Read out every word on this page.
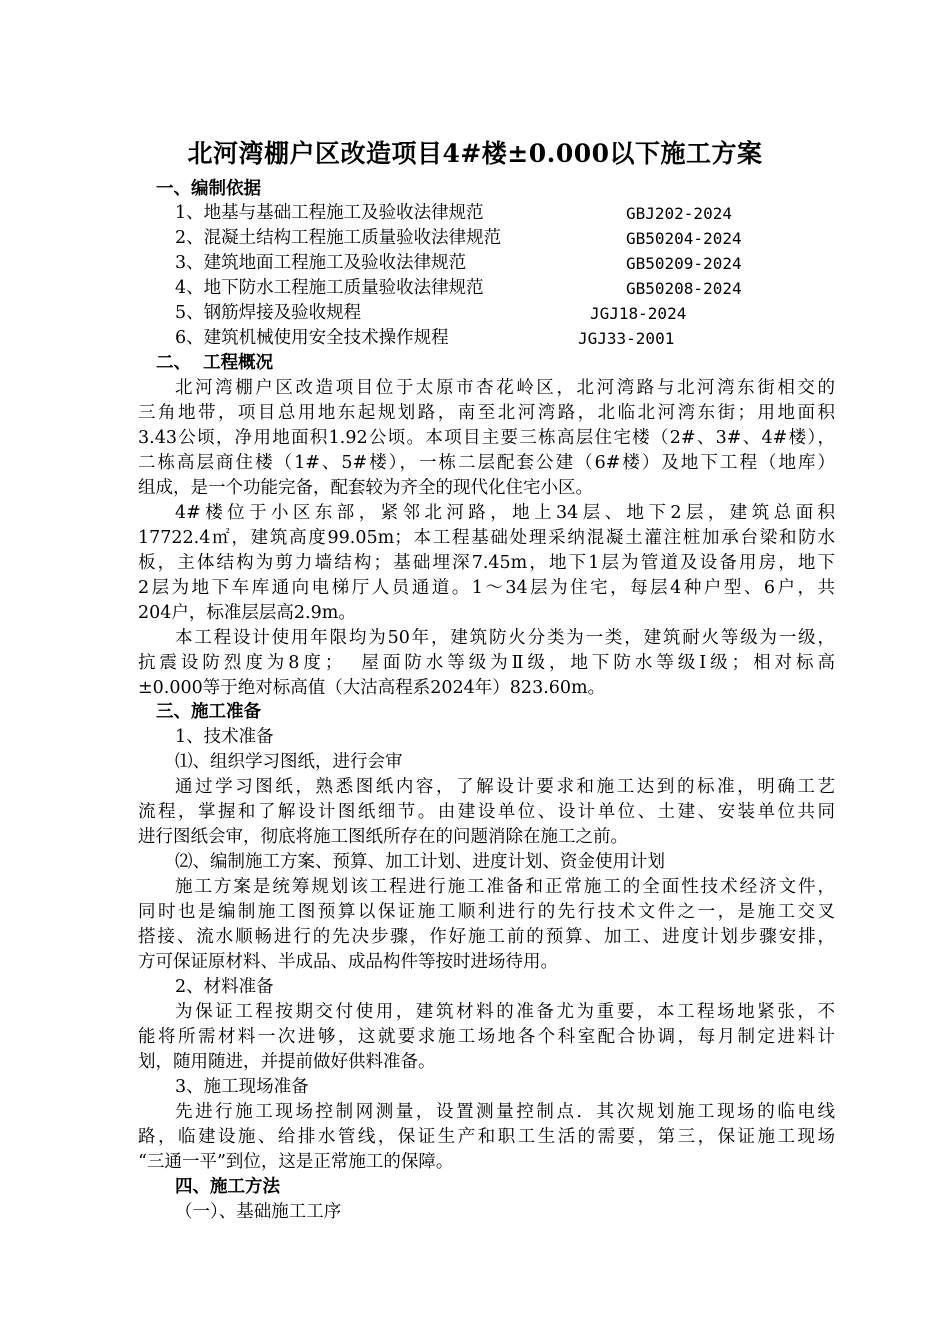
北河湾棚户区改造项目4#楼±0.000以下施工方案
一、编制依据
1、地基与基础工程施工及验收法律规范	GBJ202-2024
2、混凝土结构工程施工质量验收法律规范	GB50204-2024
3、建筑地面工程施工及验收法律规范	GB50209-2024
4、地下防水工程施工质量验收法律规范	GB50208-2024
5、钢筋焊接及验收规程	JGJ18-2024
6、建筑机械使用安全技术操作规程	JGJ33-2001
二、  工程概况
北河湾棚户区改造项目位于太原市杏花岭区，北河湾路与北河湾东街相交的
三角地带，项目总用地东起规划路，南至北河湾路，北临北河湾东街；用地面积
3.43公顷，净用地面积1.92公顷。本项目主要三栋高层住宅楼（2#、3#、4#楼），
二栋高层商住楼（1#、5#楼），一栋二层配套公建（6#楼）及地下工程（地库）
组成，是一个功能完备，配套较为齐全的现代化住宅小区。
4#楼位于小区东部，紧邻北河路，地上34层、地下2层，建筑总面积
17722.4㎡，建筑高度99.05m；本工程基础处理采纳混凝土灌注桩加承台梁和防水
板，主体结构为剪力墙结构；基础埋深7.45m，地下1层为管道及设备用房，地下
2层为地下车库通向电梯厅人员通道。1～34层为住宅，每层4种户型、6户，共
204户，标准层层高2.9m。
本工程设计使用年限均为50年，建筑防火分类为一类，建筑耐火等级为一级，
抗震设防烈度为8度；  屋面防水等级为Ⅱ级，地下防水等级Ⅰ级；相对标高
±0.000等于绝对标高值（大沽高程系2024年）823.60m。
三、施工准备
1、技术准备
⑴、组织学习图纸，进行会审
通过学习图纸，熟悉图纸内容，了解设计要求和施工达到的标准，明确工艺
流程，掌握和了解设计图纸细节。由建设单位、设计单位、土建、安装单位共同
进行图纸会审，彻底将施工图纸所存在的问题消除在施工之前。
⑵、编制施工方案、预算、加工计划、进度计划、资金使用计划
施工方案是统筹规划该工程进行施工准备和正常施工的全面性技术经济文件，
同时也是编制施工图预算以保证施工顺利进行的先行技术文件之一，是施工交叉
搭接、流水顺畅进行的先决步骤，作好施工前的预算、加工、进度计划步骤安排，
方可保证原材料、半成品、成品构件等按时进场待用。
2、材料准备
为保证工程按期交付使用，建筑材料的准备尤为重要，本工程场地紧张，不
能将所需材料一次进够，这就要求施工场地各个科室配合协调，每月制定进料计
划，随用随进，并提前做好供料准备。
3、施工现场准备
先进行施工现场控制网测量，设置测量控制点．其次规划施工现场的临电线
路，临建设施、给排水管线，保证生产和职工生活的需要，第三，保证施工现场
“三通一平”到位，这是正常施工的保障。
四、施工方法
（一）、基础施工工序
